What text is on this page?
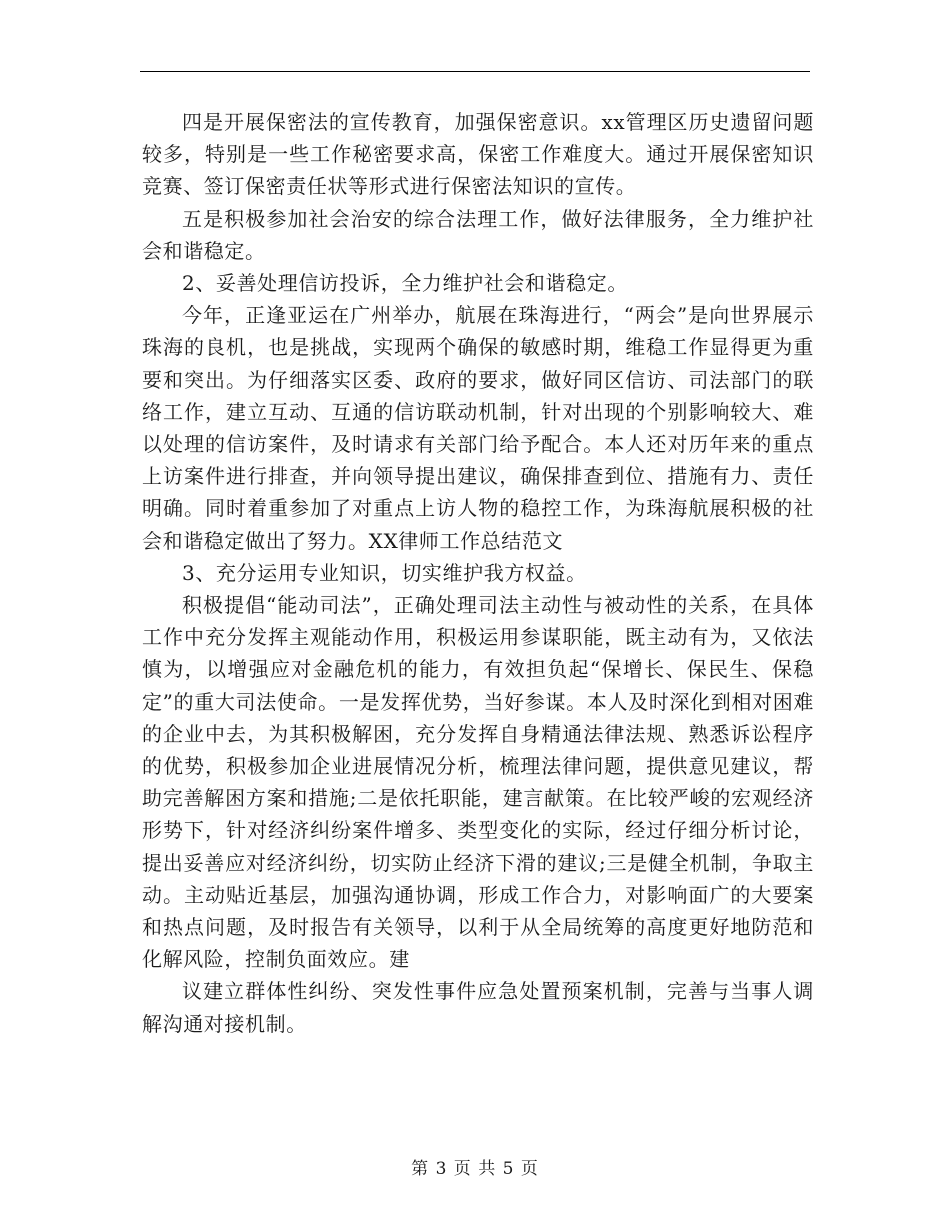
四是开展保密法的宣传教育，加强保密意识。xx管理区历史遗留问题较多，特别是一些工作秘密要求高，保密工作难度大。通过开展保密知识竞赛、签订保密责任状等形式进行保密法知识的宣传。

五是积极参加社会治安的综合法理工作，做好法律服务，全力维护社会和谐稳定。

2、妥善处理信访投诉，全力维护社会和谐稳定。

今年，正逢亚运在广州举办，航展在珠海进行，“两会”是向世界展示珠海的良机，也是挑战，实现两个确保的敏感时期，维稳工作显得更为重要和突出。为仔细落实区委、政府的要求，做好同区信访、司法部门的联络工作，建立互动、互通的信访联动机制，针对出现的个别影响较大、难以处理的信访案件，及时请求有关部门给予配合。本人还对历年来的重点上访案件进行排查，并向领导提出建议，确保排查到位、措施有力、责任明确。同时着重参加了对重点上访人物的稳控工作，为珠海航展积极的社会和谐稳定做出了努力。XX律师工作总结范文

3、充分运用专业知识，切实维护我方权益。

积极提倡“能动司法”，正确处理司法主动性与被动性的关系，在具体工作中充分发挥主观能动作用，积极运用参谋职能，既主动有为，又依法慎为，以增强应对金融危机的能力，有效担负起“保增长、保民生、保稳定”的重大司法使命。一是发挥优势，当好参谋。本人及时深化到相对困难的企业中去，为其积极解困，充分发挥自身精通法律法规、熟悉诉讼程序的优势，积极参加企业进展情况分析，梳理法律问题，提供意见建议，帮助完善解困方案和措施;二是依托职能，建言献策。在比较严峻的宏观经济形势下，针对经济纠纷案件增多、类型变化的实际，经过仔细分析讨论，提出妥善应对经济纠纷，切实防止经济下滑的建议;三是健全机制，争取主动。主动贴近基层，加强沟通协调，形成工作合力，对影响面广的大要案和热点问题，及时报告有关领导，以利于从全局统筹的高度更好地防范和化解风险，控制负面效应。建

议建立群体性纠纷、突发性事件应急处置预案机制，完善与当事人调解沟通对接机制。

第 3 页 共 5 页
